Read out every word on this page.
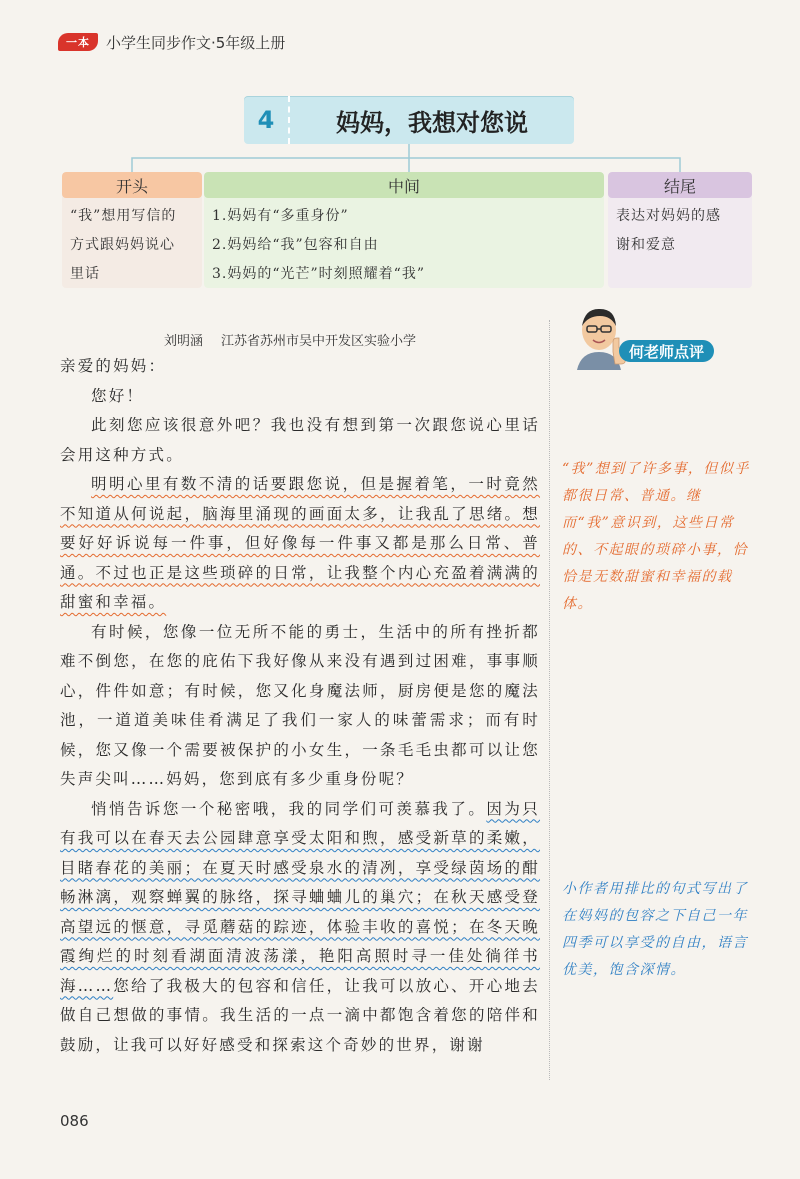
一本	小学生同步作文·5年级上册
4	妈妈，我想对您说
开头
“我”想用写信的
方式跟妈妈说心
里话
中间
1.妈妈有“多重身份”
2.妈妈给“我”包容和自由
3.妈妈的“光芒”时刻照耀着“我”
结尾
表达对妈妈的感
谢和爱意
刘明涵 江苏省苏州市吴中开发区实验小学

亲爱的妈妈：

您好！

此刻您应该很意外吧？我也没有想到第一次跟您说心里话会用这种方式。

明明心里有数不清的话要跟您说，但是握着笔，一时竟然不知道从何说起，脑海里涌现的画面太多，让我乱了思绪。想要好好诉说每一件事，但好像每一件事又都是那么日常、普通。不过也正是这些琐碎的日常，让我整个内心充盈着满满的甜蜜和幸福。

有时候，您像一位无所不能的勇士，生活中的所有挫折都难不倒您，在您的庇佑下我好像从来没有遇到过困难，事事顺心，件件如意；有时候，您又化身魔法师，厨房便是您的魔法池，一道道美味佳肴满足了我们一家人的味蕾需求；而有时候，您又像一个需要被保护的小女生，一条毛毛虫都可以让您失声尖叫……妈妈，您到底有多少重身份呢？

悄悄告诉您一个秘密哦，我的同学们可羡慕我了。因为只有我可以在春天去公园肆意享受太阳和煦，感受新草的柔嫩，目睹春花的美丽；在夏天时感受泉水的清冽，享受绿茵场的酣畅淋漓，观察蝉翼的脉络，探寻蛐蛐儿的巢穴；在秋天感受登高望远的惬意，寻觅蘑菇的踪迹，体验丰收的喜悦；在冬天晚霞绚烂的时刻看湖面清波荡漾，艳阳高照时寻一佳处徜徉书海……您给了我极大的包容和信任，让我可以放心、开心地去做自己想做的事情。我生活的一点一滴中都饱含着您的陪伴和鼓励，让我可以好好感受和探索这个奇妙的世界，谢谢

何老师点评
“我”想到了许多事，但似乎都很日常、普通。继而“我”意识到，这些日常的、不起眼的琐碎小事，恰恰是无数甜蜜和幸福的载体。
小作者用排比的句式写出了在妈妈的包容之下自己一年四季可以享受的自由，语言优美，饱含深情。
086
